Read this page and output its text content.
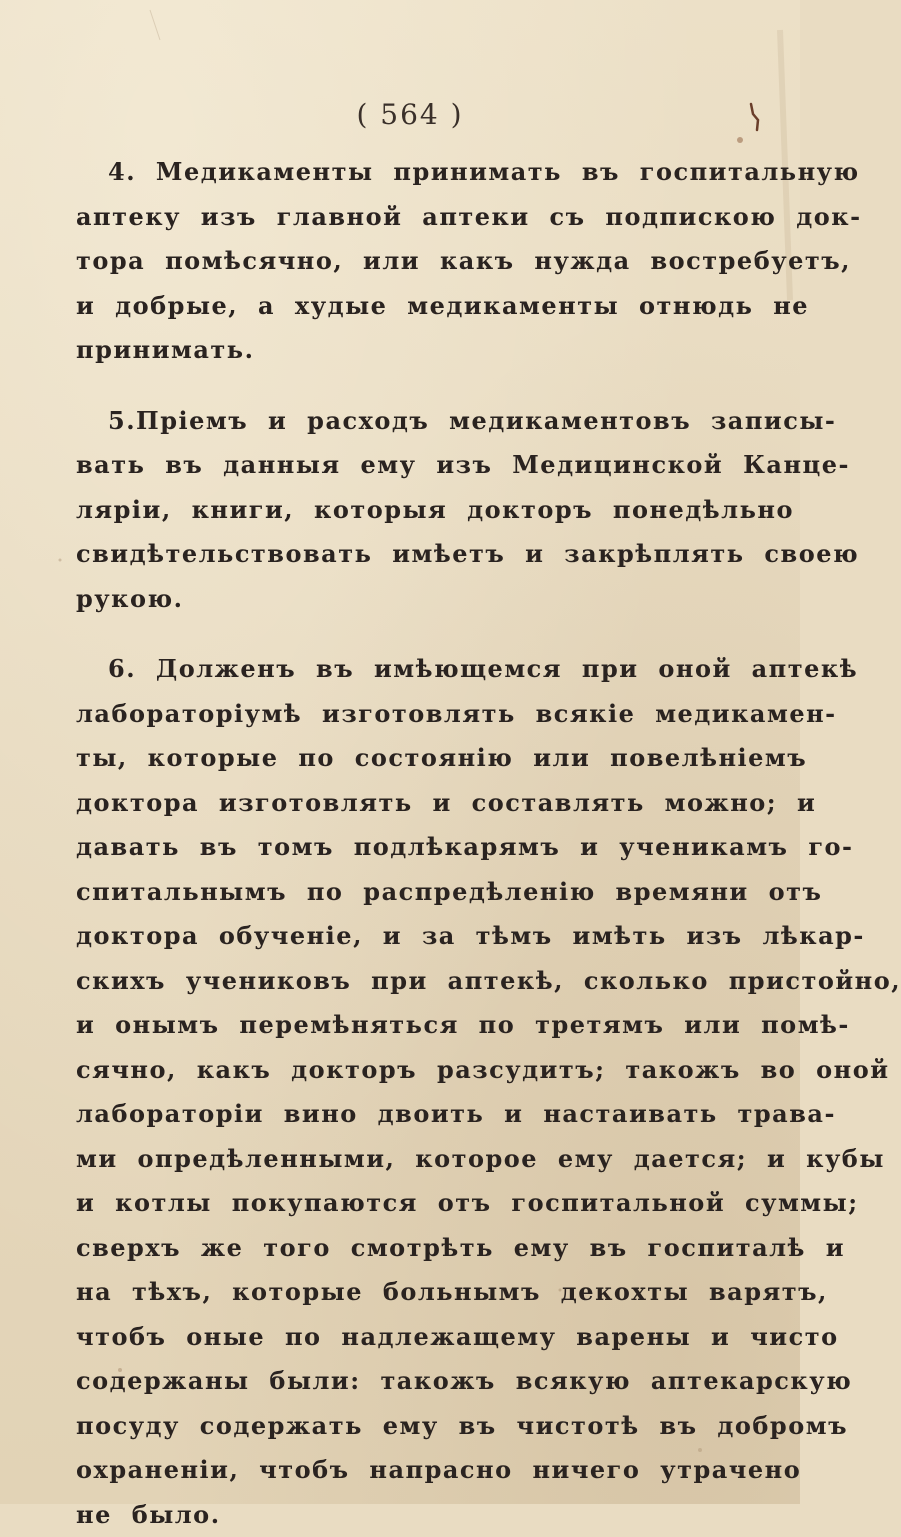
( 564 )
4. Медикаменты принимать въ госпитальную
аптеку изъ главной аптеки съ подпискою док-
тора помѣсячно, или какъ нужда востребуетъ,
и добрые, а худые медикаменты отнюдь не
принимать.
5.Пріемъ и расходъ медикаментовъ записы-
вать въ данныя ему изъ Медицинской Канце-
ляріи, книги, которыя докторъ понедѣльно
свидѣтельствовать имѣетъ и закрѣплять своею
рукою.
6. Долженъ въ имѣющемся при оной аптекѣ
лабораторіумѣ изготовлять всякіе медикамен-
ты, которые по состоянію или повелѣніемъ
доктора изготовлять и составлять можно; и
давать въ томъ подлѣкарямъ и ученикамъ го-
спитальнымъ по распредѣленію времяни отъ
доктора обученіе, и за тѣмъ имѣть изъ лѣкар-
скихъ учениковъ при аптекѣ, сколько пристойно,
и онымъ перемѣняться по третямъ или помѣ-
сячно, какъ докторъ разсудитъ; такожъ во оной
лабораторіи вино двоить и настаивать трава-
ми опредѣленными, которое ему дается; и кубы
и котлы покупаются отъ госпитальной суммы;
сверхъ же того смотрѣть ему въ госпиталѣ и
на тѣхъ, которые больнымъ декохты варятъ,
чтобъ оные по надлежащему варены и чисто
содержаны были: такожъ всякую аптекарскую
посуду содержать ему въ чистотѣ въ добромъ
охраненіи, чтобъ напрасно ничего утрачено
не было.
